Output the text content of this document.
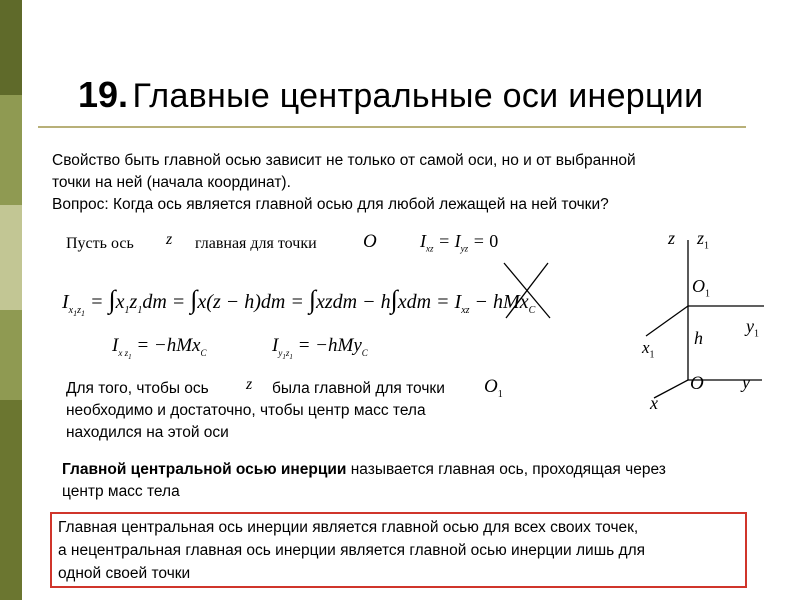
19. Главные центральные оси инерции
Свойство быть главной осью зависит не только от самой оси, но и от выбранной
точки на ней (начала координат).
Вопрос: Когда ось является главной осью для любой лежащей на ней точки?
Пусть ось z главная для точки O $I_{xz} = I_{yz} = 0$
$I_{x_1z_1} = \int x_1z_1dm = \int x(z - h)dm$ = ∫xzdm − $h\int xdm = I_{xz} - hMx_C$
$I_{x z_1} = -hMx_C$	$I_{y_1z_1} = -hMy_C$
Для того, чтобы ось z была главной для точки $O_1$
необходимо и достаточно, чтобы центр масс тела
находился на этой оси
Главной центральной осью инерции называется главная ось, проходящая через
центр масс тела
Главная центральная ось инерции является главной осью для всех своих точек,
а нецентральная главная ось инерции является главной осью инерции лишь для
одной своей точки
z $z_1$
$O_1$
$y_1$
$x_1$
h
O y
x
